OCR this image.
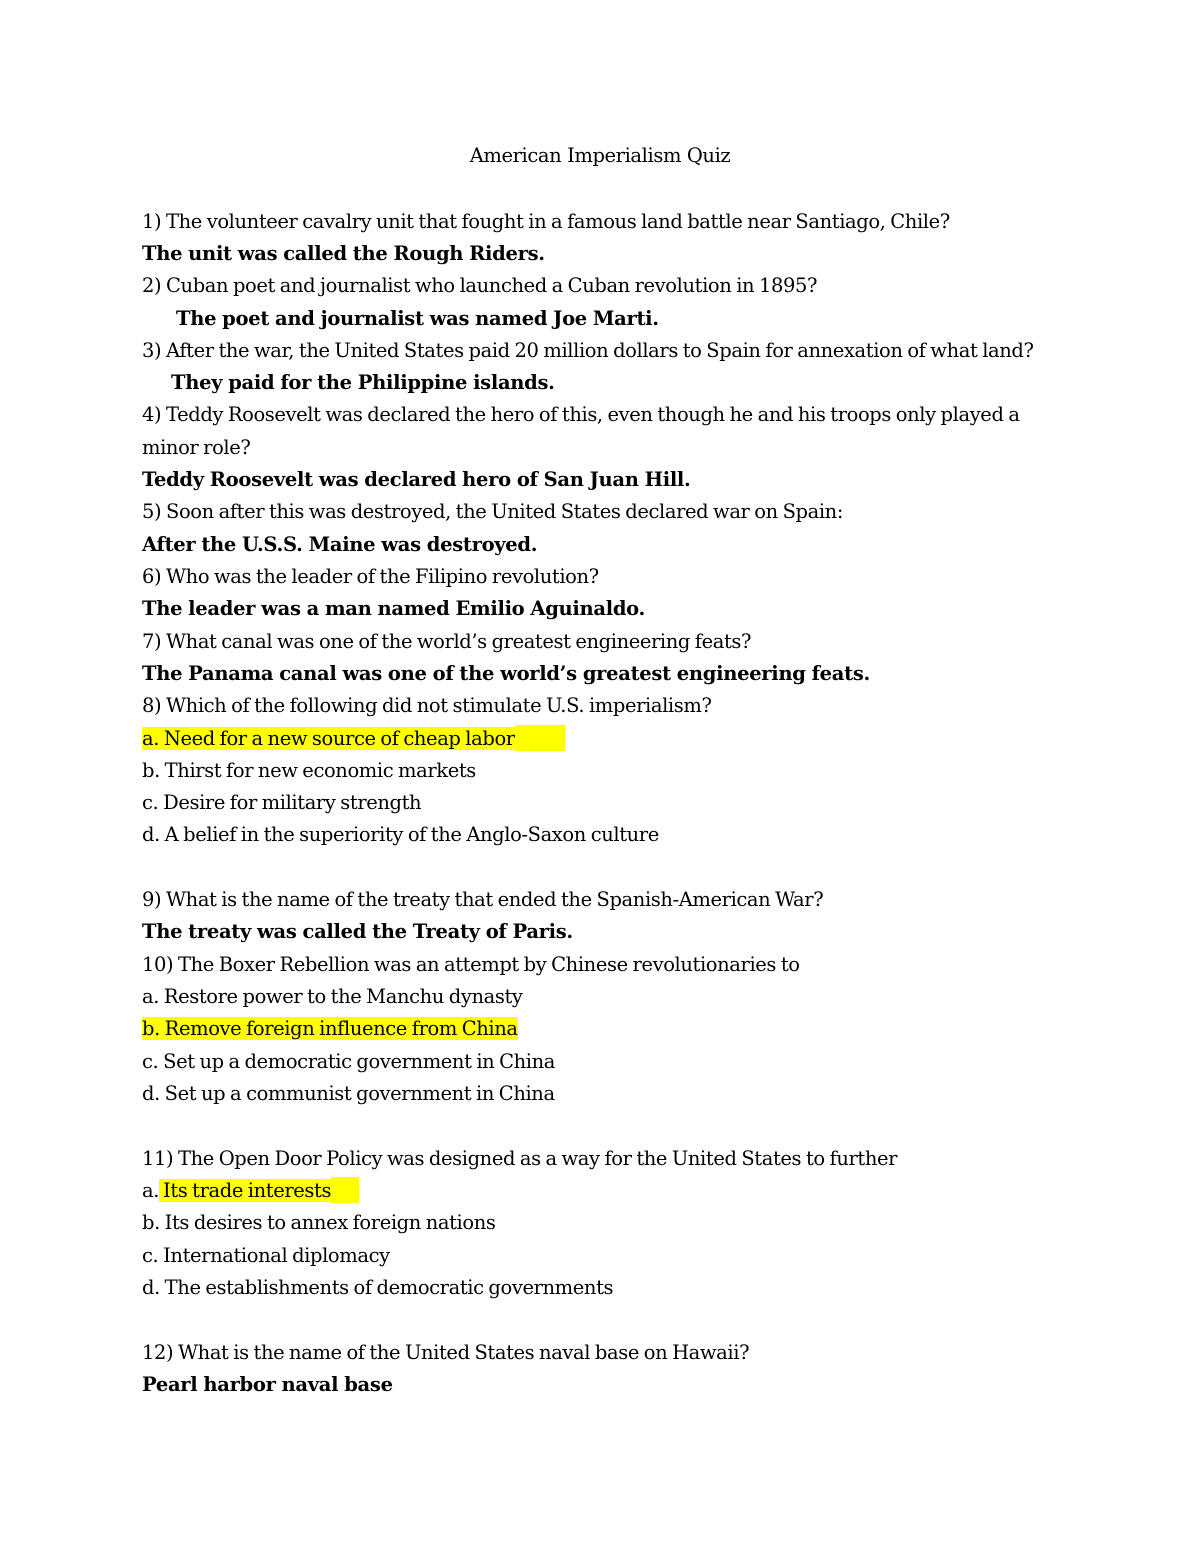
American Imperialism Quiz
1) The volunteer cavalry unit that fought in a famous land battle near Santiago, Chile?
The unit was called the Rough Riders.
2) Cuban poet and journalist who launched a Cuban revolution in 1895?
The poet and journalist was named Joe Marti.
3) After the war, the United States paid 20 million dollars to Spain for annexation of what land?
They paid for the Philippine islands.
4) Teddy Roosevelt was declared the hero of this, even though he and his troops only played a
minor role?
Teddy Roosevelt was declared hero of San Juan Hill.
5) Soon after this was destroyed, the United States declared war on Spain:
After the U.S.S. Maine was destroyed.
6) Who was the leader of the Filipino revolution?
The leader was a man named Emilio Aguinaldo.
7) What canal was one of the world’s greatest engineering feats?
The Panama canal was one of the world’s greatest engineering feats.
8) Which of the following did not stimulate U.S. imperialism?
a. Need for a new source of cheap labor
b. Thirst for new economic markets
c. Desire for military strength
d. A belief in the superiority of the Anglo-Saxon culture
9) What is the name of the treaty that ended the Spanish-American War?
The treaty was called the Treaty of Paris.
10) The Boxer Rebellion was an attempt by Chinese revolutionaries to
a. Restore power to the Manchu dynasty
b. Remove foreign influence from China
c. Set up a democratic government in China
d. Set up a communist government in China
11) The Open Door Policy was designed as a way for the United States to further
a. Its trade interests
b. Its desires to annex foreign nations
c. International diplomacy
d. The establishments of democratic governments
12) What is the name of the United States naval base on Hawaii?
Pearl harbor naval base
